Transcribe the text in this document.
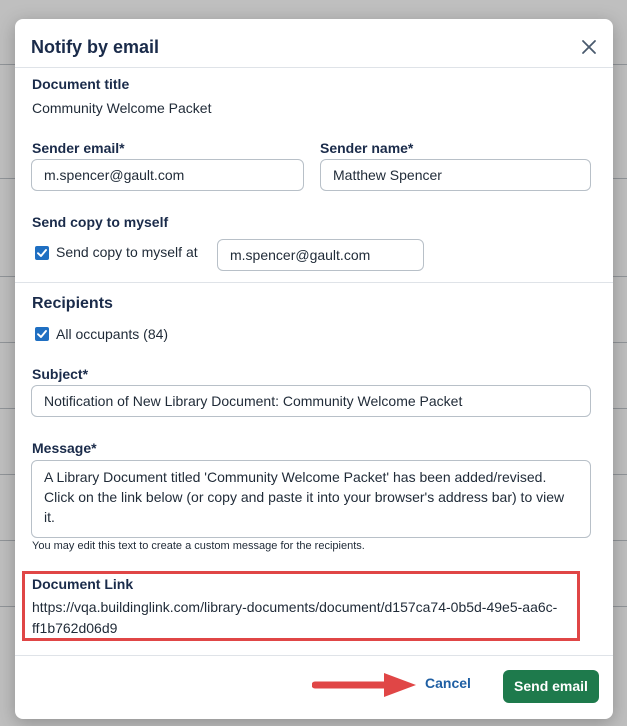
Notify by email
Document title
Community Welcome Packet
Sender email*
m.spencer@gault.com
Sender name*
Matthew Spencer
Send copy to myself
Send copy to myself at	m.spencer@gault.com
Recipients
All occupants (84)
Subject*
Notification of New Library Document: Community Welcome Packet
Message*
A Library Document titled 'Community Welcome Packet' has been added/revised. Click on the link below (or copy and paste it into your browser's address bar) to view it.
You may edit this text to create a custom message for the recipients.
Document Link
https://vqa.buildinglink.com/library-documents/document/d157ca74-0b5d-49e5-aa6c-ff1b762d06d9
Cancel	Send email
